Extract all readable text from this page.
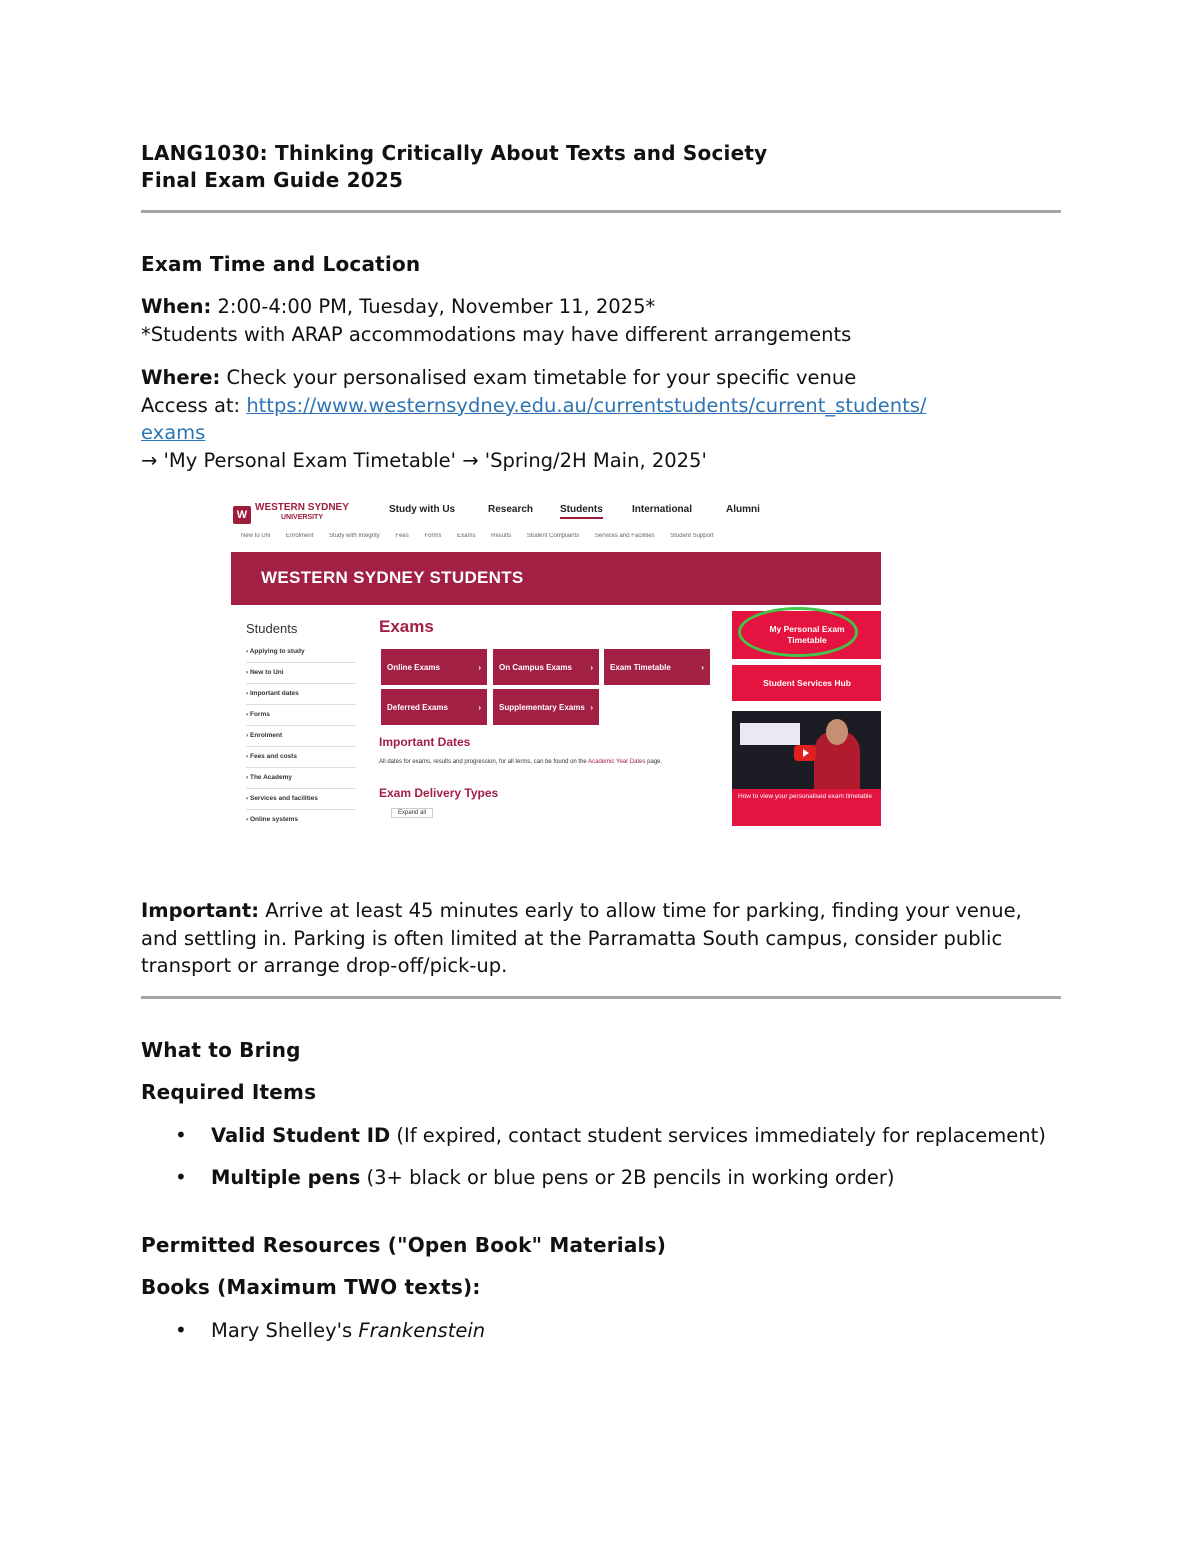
LANG1030: Thinking Critically About Texts and Society
Final Exam Guide 2025
Exam Time and Location

When: 2:00-4:00 PM, Tuesday, November 11, 2025*

*Students with ARAP accommodations may have different arrangements

Where: Check your personalised exam timetable for your specific venue

Access at: https://www.westernsydney.edu.au/currentstudents/current_students/
exams

→ 'My Personal Exam Timetable' → 'Spring/2H Main, 2025'

W
WESTERN SYDNEY
UNIVERSITY
Study with Us	Research	Students	International	Alumni
New to Uni	Enrolment	Study with Integrity	Fees	Forms	Exams	Results	Student Complaints	Services and Facilities	Student Support
WESTERN SYDNEY STUDENTS
Students
› Applying to study
› New to Uni
› Important dates
› Forms
› Enrolment
› Fees and costs
› The Academy
› Services and facilities
› Online systems
Exams
Online Exams	› On Campus Exams › Exam Timetable	›
Deferred Exams	› Supplementary Exams ›
Important Dates
All dates for exams, results and progression, for all terms, can be found on the Academic Year Dates page.
Exam Delivery Types
Expand all
My Personal Exam Timetable
Student Services Hub
How to view your personalised exam timetable

Important: Arrive at least 45 minutes early to allow time for parking, finding your venue, and settling in. Parking is often limited at the Parramatta South campus, consider public transport or arrange drop-off/pick-up.

What to Bring
Required Items
• Valid Student ID (If expired, contact student services immediately for replacement)
• Multiple pens (3+ black or blue pens or 2B pencils in working order)
Permitted Resources ("Open Book" Materials)
Books (Maximum TWO texts):
• Mary Shelley's Frankenstein
